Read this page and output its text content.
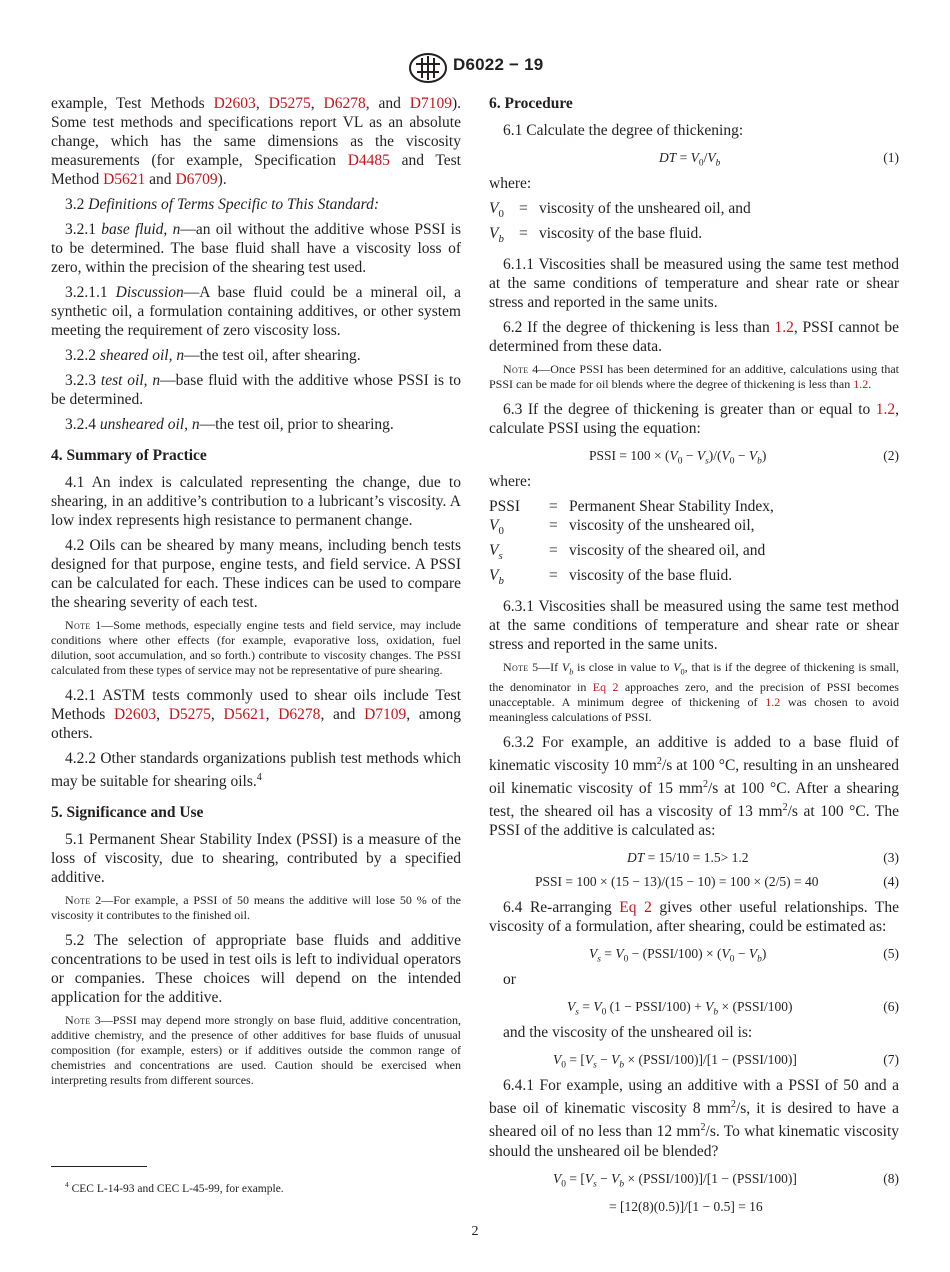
D6022 − 19

example, Test Methods D2603, D5275, D6278, and D7109). Some test methods and specifications report VL as an absolute change, which has the same dimensions as the viscosity measurements (for example, Specification D4485 and Test Method D5621 and D6709).

3.2 Definitions of Terms Specific to This Standard:

3.2.1 base fluid, n—an oil without the additive whose PSSI is to be determined. The base fluid shall have a viscosity loss of zero, within the precision of the shearing test used.

3.2.1.1 Discussion—A base fluid could be a mineral oil, a synthetic oil, a formulation containing additives, or other system meeting the requirement of zero viscosity loss.

3.2.2 sheared oil, n—the test oil, after shearing.

3.2.3 test oil, n—base fluid with the additive whose PSSI is to be determined.

3.2.4 unsheared oil, n—the test oil, prior to shearing.

4. Summary of Practice

4.1 An index is calculated representing the change, due to shearing, in an additive’s contribution to a lubricant’s viscosity. A low index represents high resistance to permanent change.

4.2 Oils can be sheared by many means, including bench tests designed for that purpose, engine tests, and field service. A PSSI can be calculated for each. These indices can be used to compare the shearing severity of each test.

Note 1—Some methods, especially engine tests and field service, may include conditions where other effects (for example, evaporative loss, oxidation, fuel dilution, soot accumulation, and so forth.) contribute to viscosity changes. The PSSI calculated from these types of service may not be representative of pure shearing.

4.2.1 ASTM tests commonly used to shear oils include Test Methods D2603, D5275, D5621, D6278, and D7109, among others.

4.2.2 Other standards organizations publish test methods which may be suitable for shearing oils.$^4$

5. Significance and Use

5.1 Permanent Shear Stability Index (PSSI) is a measure of the loss of viscosity, due to shearing, contributed by a specified additive.

Note 2—For example, a PSSI of 50 means the additive will lose 50 % of the viscosity it contributes to the finished oil.

5.2 The selection of appropriate base fluids and additive concentrations to be used in test oils is left to individual operators or companies. These choices will depend on the intended application for the additive.

Note 3—PSSI may depend more strongly on base fluid, additive concentration, additive chemistry, and the presence of other additives for base fluids of unusual composition (for example, esters) or if additives outside the common range of chemistries and concentrations are used. Caution should be exercised when interpreting results from different sources.
$^4$ CEC L-14-93 and CEC L-45-99, for example.
6. Procedure

6.1 Calculate the degree of thickening:

DT = $V_0/V_b$	(1)

where:

$V_0$ = viscosity of the unsheared oil, and
$V_b$ = viscosity of the base fluid.

6.1.1 Viscosities shall be measured using the same test method at the same conditions of temperature and shear rate or shear stress and reported in the same units.

6.2 If the degree of thickening is less than 1.2, PSSI cannot be determined from these data.

Note 4—Once PSSI has been determined for an additive, calculations using that PSSI can be made for oil blends where the degree of thickening is less than 1.2.

6.3 If the degree of thickening is greater than or equal to 1.2, calculate PSSI using the equation:

PSSI = $100 \times (V_0 - V_s)/(V_0 - V_b)$	(2)

where:

PSSI	= Permanent Shear Stability Index,
$V_0$	= viscosity of the unsheared oil,
$V_s$	= viscosity of the sheared oil, and
$V_b$	= viscosity of the base fluid.

6.3.1 Viscosities shall be measured using the same test method at the same conditions of temperature and shear rate or shear stress and reported in the same units.

Note 5—If $V_b$ is close in value to $V_0$, that is if the degree of thickening is small, the denominator in Eq 2 approaches zero, and the precision of PSSI becomes unacceptable. A minimum degree of thickening of 1.2 was chosen to avoid meaningless calculations of PSSI.

6.3.2 For example, an additive is added to a base fluid of kinematic viscosity 10 $mm^2/s$ at 100 °C, resulting in an unsheared oil kinematic viscosity of 15 $mm^2/s$ at 100 °C. After a shearing test, the sheared oil has a viscosity of 13 $mm^2/s$ at 100 °C. The PSSI of the additive is calculated as:

DT = 15/10 = 1.5> 1.2	(3)
PSSI = 100 × (15 − 13)/(15 − 10) = 100 × (2/5) = 40	(4)

6.4 Re-arranging Eq 2 gives other useful relationships. The viscosity of a formulation, after shearing, could be estimated as:

$V_s = V_0$ − (PSSI/100) × $(V_0 - V_b)$	(5)

or

$V_s = V_0$ (1 − PSSI/100) + $V_b$ × (PSSI/100)	(6)

and the viscosity of the unsheared oil is:

$V_0 = [V_s - V_b$ × (PSSI/100)]/[1 − (PSSI/100)]	(7)

6.4.1 For example, using an additive with a PSSI of 50 and a base oil of kinematic viscosity 8 $mm^2/s$, it is desired to have a sheared oil of no less than 12 $mm^2/s$. To what kinematic viscosity should the unsheared oil be blended?

$V_0 = [V_s - V_b$ × (PSSI/100)]/[1 − (PSSI/100)]	(8)
= [12(8)(0.5)]/[1 − 0.5] = 16
2
